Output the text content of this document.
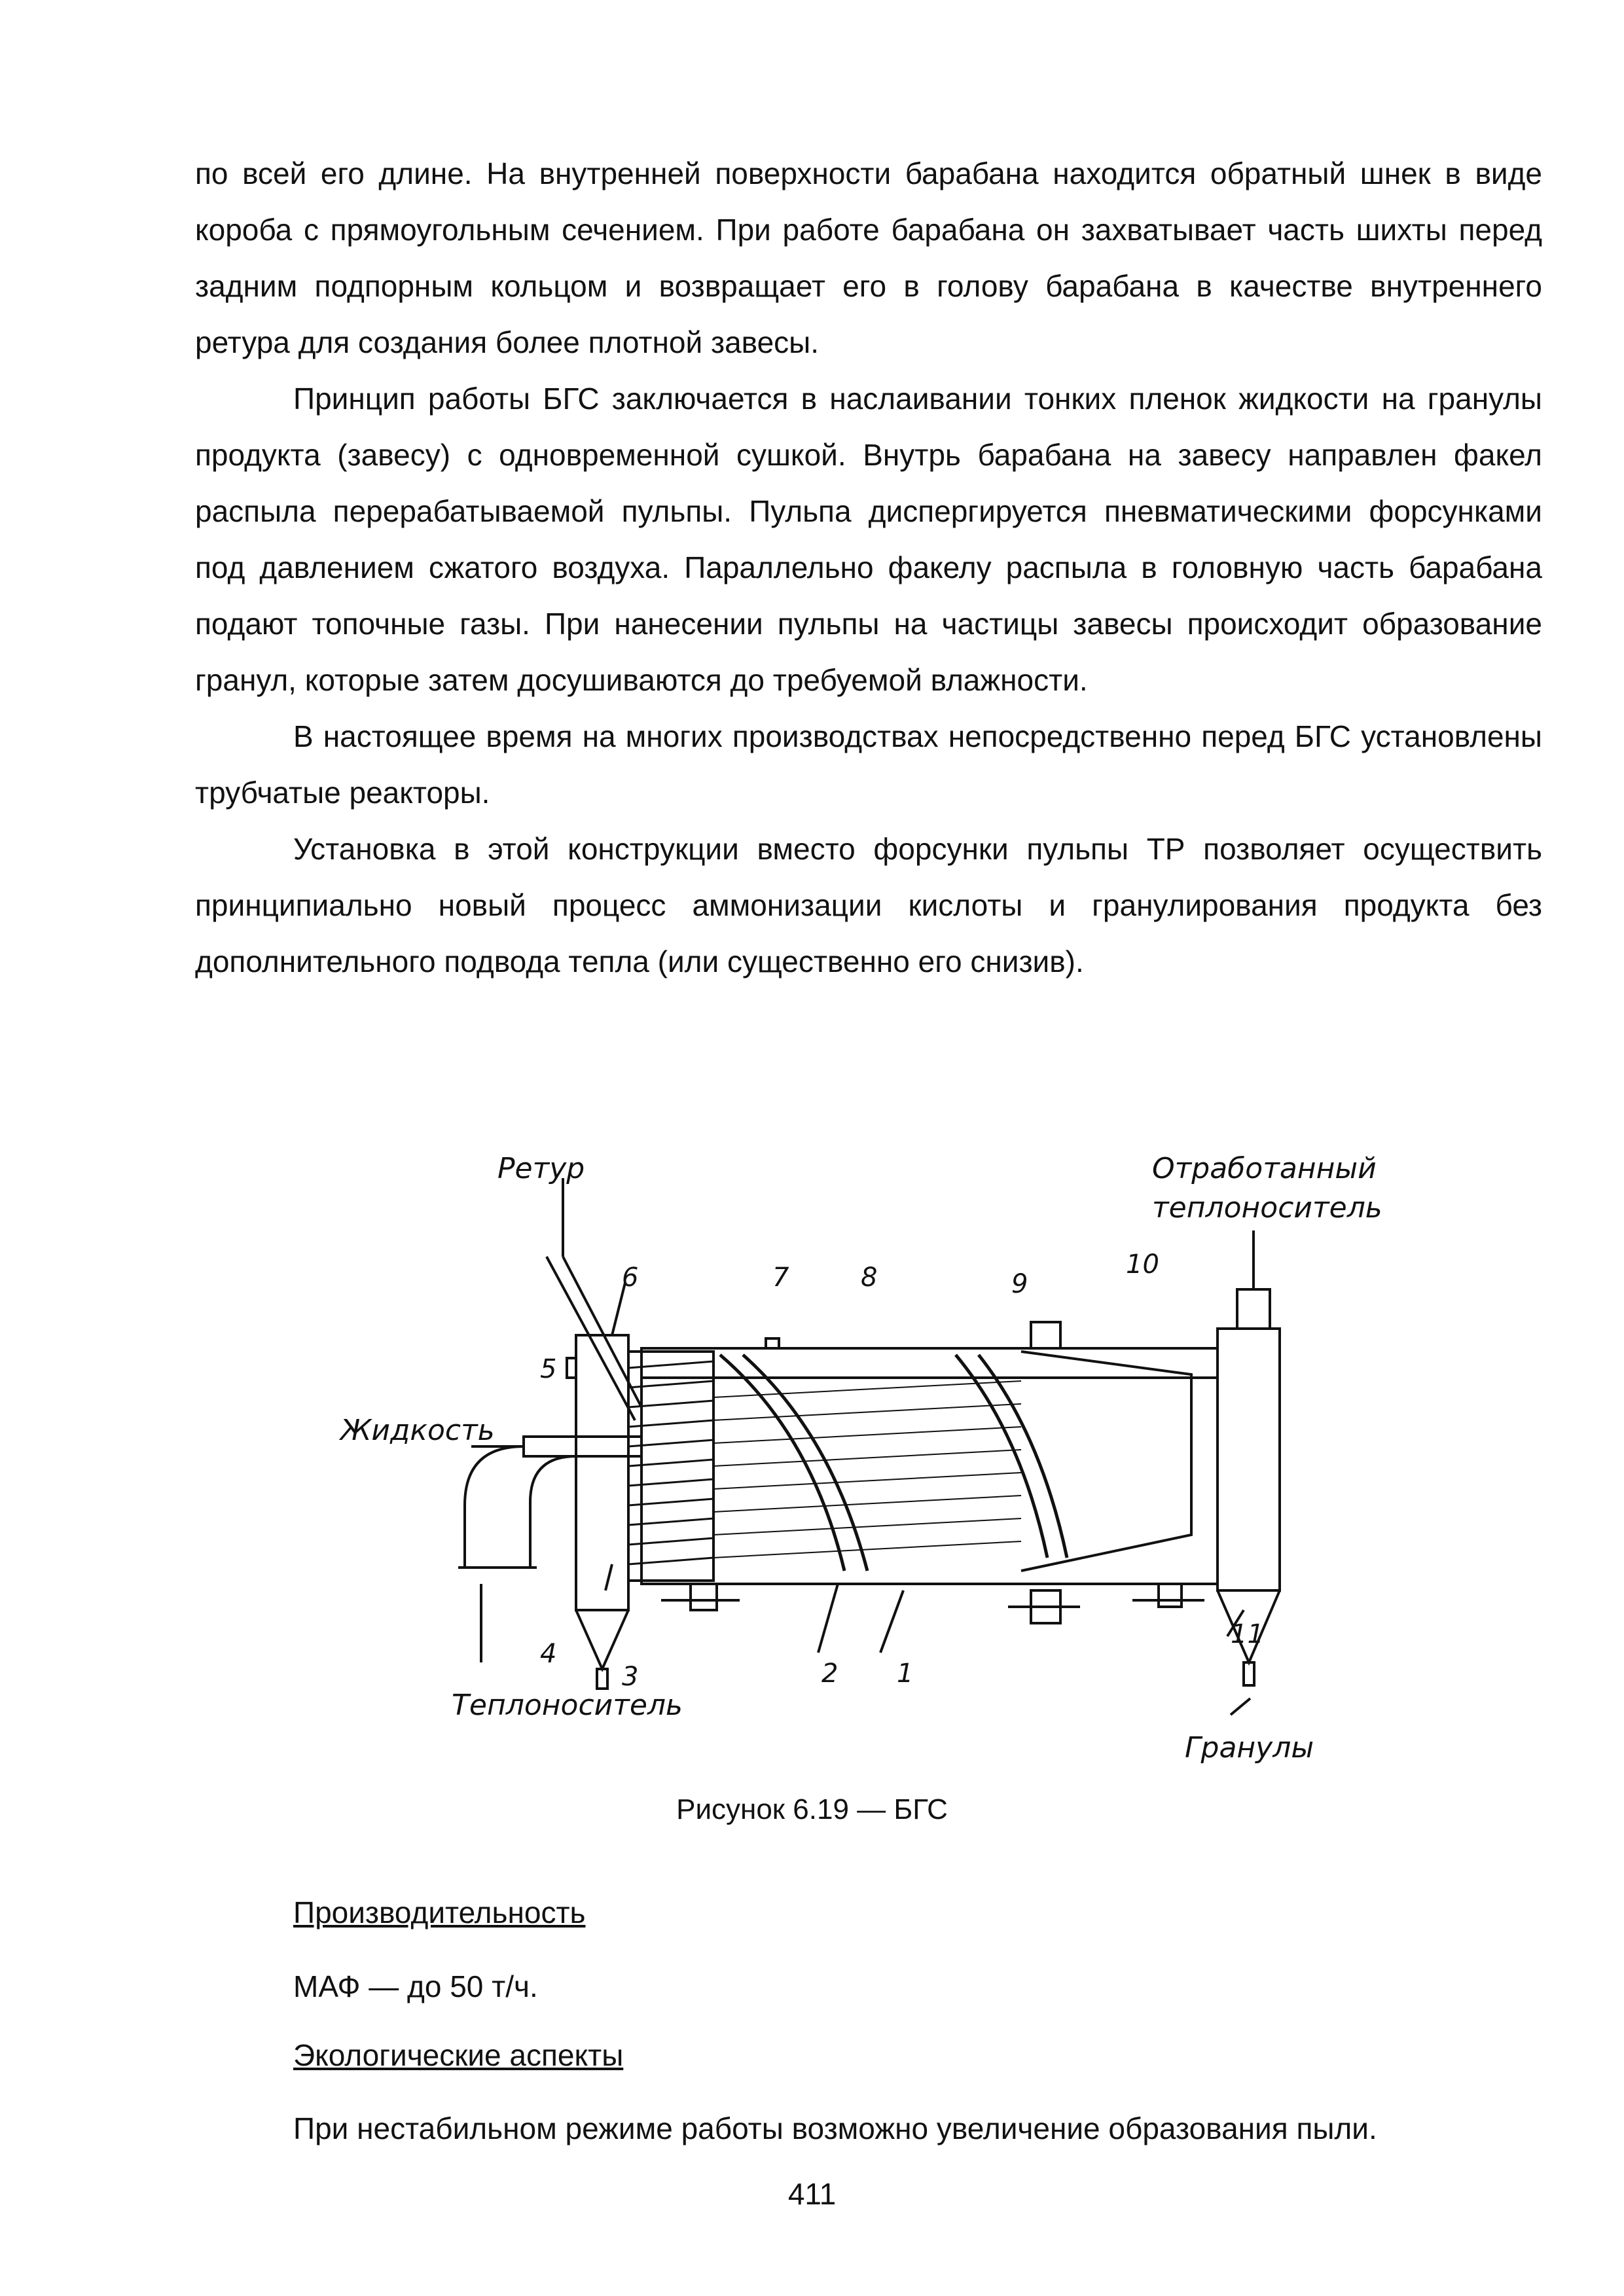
по всей его длине. На внутренней поверхности барабана находится обратный шнек в виде короба с прямоугольным сечением. При работе барабана он захватывает часть шихты перед задним подпорным кольцом и возвращает его в голову барабана в качестве внутреннего ретура для создания более плотной завесы.

Принцип работы БГС заключается в наслаивании тонких пленок жидкости на гранулы продукта (завесу) с одновременной сушкой. Внутрь барабана на завесу направлен факел распыла перерабатываемой пульпы. Пульпа диспергируется пневматическими форсунками под давлением сжатого воздуха. Параллельно факелу распыла в головную часть барабана подают топочные газы. При нанесении пульпы на частицы завесы происходит образование гранул, которые затем досушиваются до требуемой влажности.

В настоящее время на многих производствах непосредственно перед БГС установлены трубчатые реакторы.

Установка в этой конструкции вместо форсунки пульпы ТР позволяет осуществить принципиально новый процесс аммонизации кислоты и гранулирования продукта без дополнительного подвода тепла (или существенно его снизив).

Ретур
Жидкость
Теплоноситель
Отработанный
теплоноситель
Гранулы
1
2
3
4
5
6	7	8	9
10
11

Рисунок 6.19 — БГС

Производительность

МАФ — до 50 т/ч.

Экологические аспекты

При нестабильном режиме работы возможно увеличение образования пыли.

411
